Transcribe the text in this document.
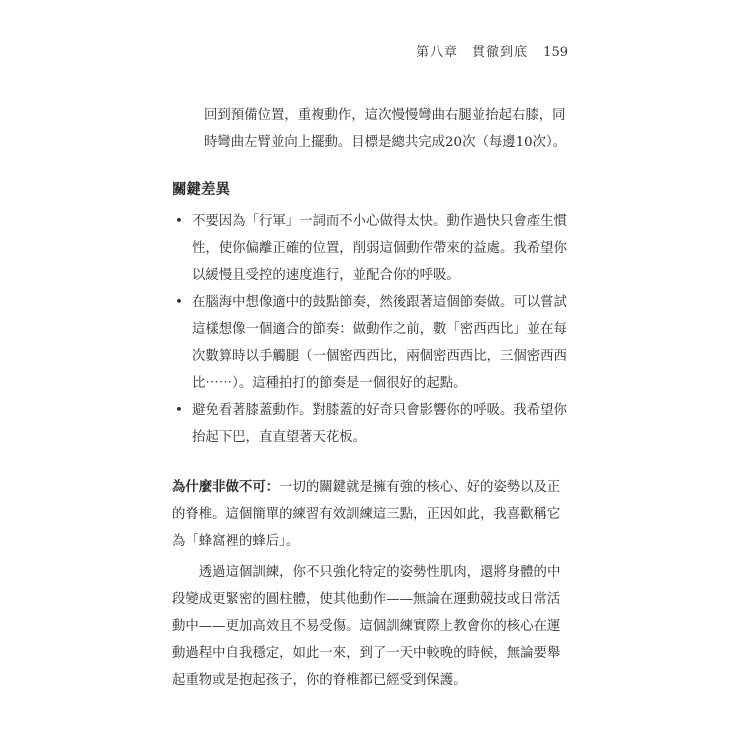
第八章　貫徹到底 159

回到預備位置，重複動作，這次慢慢彎曲右腿並抬起右膝，同時彎曲左臂並向上擺動。目標是總共完成20次（每邊10次）。

關鍵差異
• 不要因為「行軍」一詞而不小心做得太快。動作過快只會產生慣性，使你偏離正確的位置，削弱這個動作帶來的益處。我希望你以緩慢且受控的速度進行，並配合你的呼吸。
• 在腦海中想像適中的鼓點節奏，然後跟著這個節奏做。可以嘗試這樣想像一個適合的節奏：做動作之前，數「密西西比」並在每次數算時以手觸腿（一個密西西比，兩個密西西比，三個密西西比⋯⋯）。這種拍打的節奏是一個很好的起點。
• 避免看著膝蓋動作。對膝蓋的好奇只會影響你的呼吸。我希望你抬起下巴，直直望著天花板。

為什麼非做不可：一切的關鍵就是擁有強的核心、好的姿勢以及正的脊椎。這個簡單的練習有效訓練這三點，正因如此，我喜歡稱它為「蜂窩裡的蜂后」。

透過這個訓練，你不只強化特定的姿勢性肌肉，還將身體的中段變成更緊密的圓柱體，使其他動作——無論在運動競技或日常活動中——更加高效且不易受傷。這個訓練實際上教會你的核心在運動過程中自我穩定，如此一來，到了一天中較晚的時候，無論要舉起重物或是抱起孩子，你的脊椎都已經受到保護。
